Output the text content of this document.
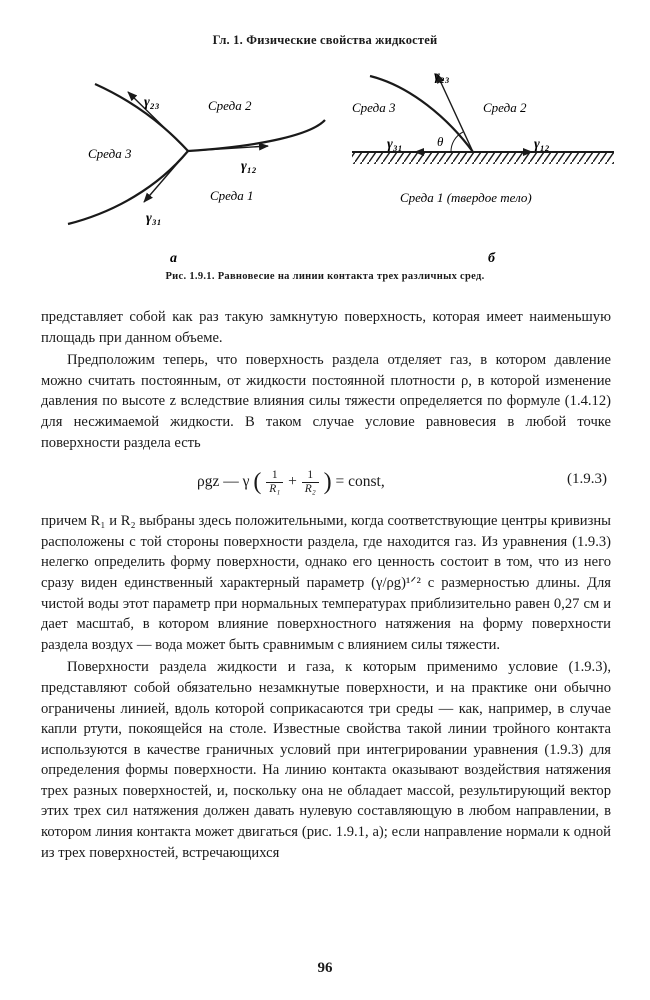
Гл. 1. Физические свойства жидкостей
Среда 2
Среда 3
Среда 1
γ₂₃
γ₁₂
γ₃₁
a
Среда 3	Среда 2
Среда 1 (твердое тело)
γ₂₃
γ₃₁	γ₁₂
θ
б
Рис. 1.9.1. Равновесие на линии контакта трех различных сред.

представляет собой как раз такую замкнутую поверхность, которая имеет наименьшую площадь при данном объеме.

Предположим теперь, что поверхность раздела отделяет газ, в котором давление можно считать постоянным, от жидкости постоянной плотности ρ, в которой изменение давления по высоте z вследствие влияния силы тяжести определяется по формуле (1.4.12) для несжимаемой жидкости. В таком случае условие равновесия в любой точке поверхности раздела есть

ρgz — γ ( $\frac{1}{\text{R₁}} + \frac{1}{\text{R₂}}$ ) = const,	(1.9.3)

причем R₁ и R₂ выбраны здесь положительными, когда соответствующие центры кривизны расположены с той стороны поверхности раздела, где находится газ. Из уравнения (1.9.3) нелегко определить форму поверхности, однако его ценность состоит в том, что из него сразу виден единственный характерный параметр (γ/ρg)¹ᐟ² с размерностью длины. Для чистой воды этот параметр при нормальных температурах приблизительно равен 0,27 см и дает масштаб, в котором влияние поверхностного натяжения на форму поверхности раздела воздух — вода может быть сравнимым с влиянием силы тяжести.

Поверхности раздела жидкости и газа, к которым применимо условие (1.9.3), представляют собой обязательно незамкнутые поверхности, и на практике они обычно ограничены линией, вдоль которой соприкасаются три среды — как, например, в случае капли ртути, покоящейся на столе. Известные свойства такой линии тройного контакта используются в качестве граничных условий при интегрировании уравнения (1.9.3) для определения формы поверхности. На линию контакта оказывают воздействия натяжения трех разных поверхностей, и, поскольку она не обладает массой, результирующий вектор этих трех сил натяжения должен давать нулевую составляющую в любом направлении, в котором линия контакта может двигаться (рис. 1.9.1, а); если направление нормали к одной из трех поверхностей, встречающихся

96
